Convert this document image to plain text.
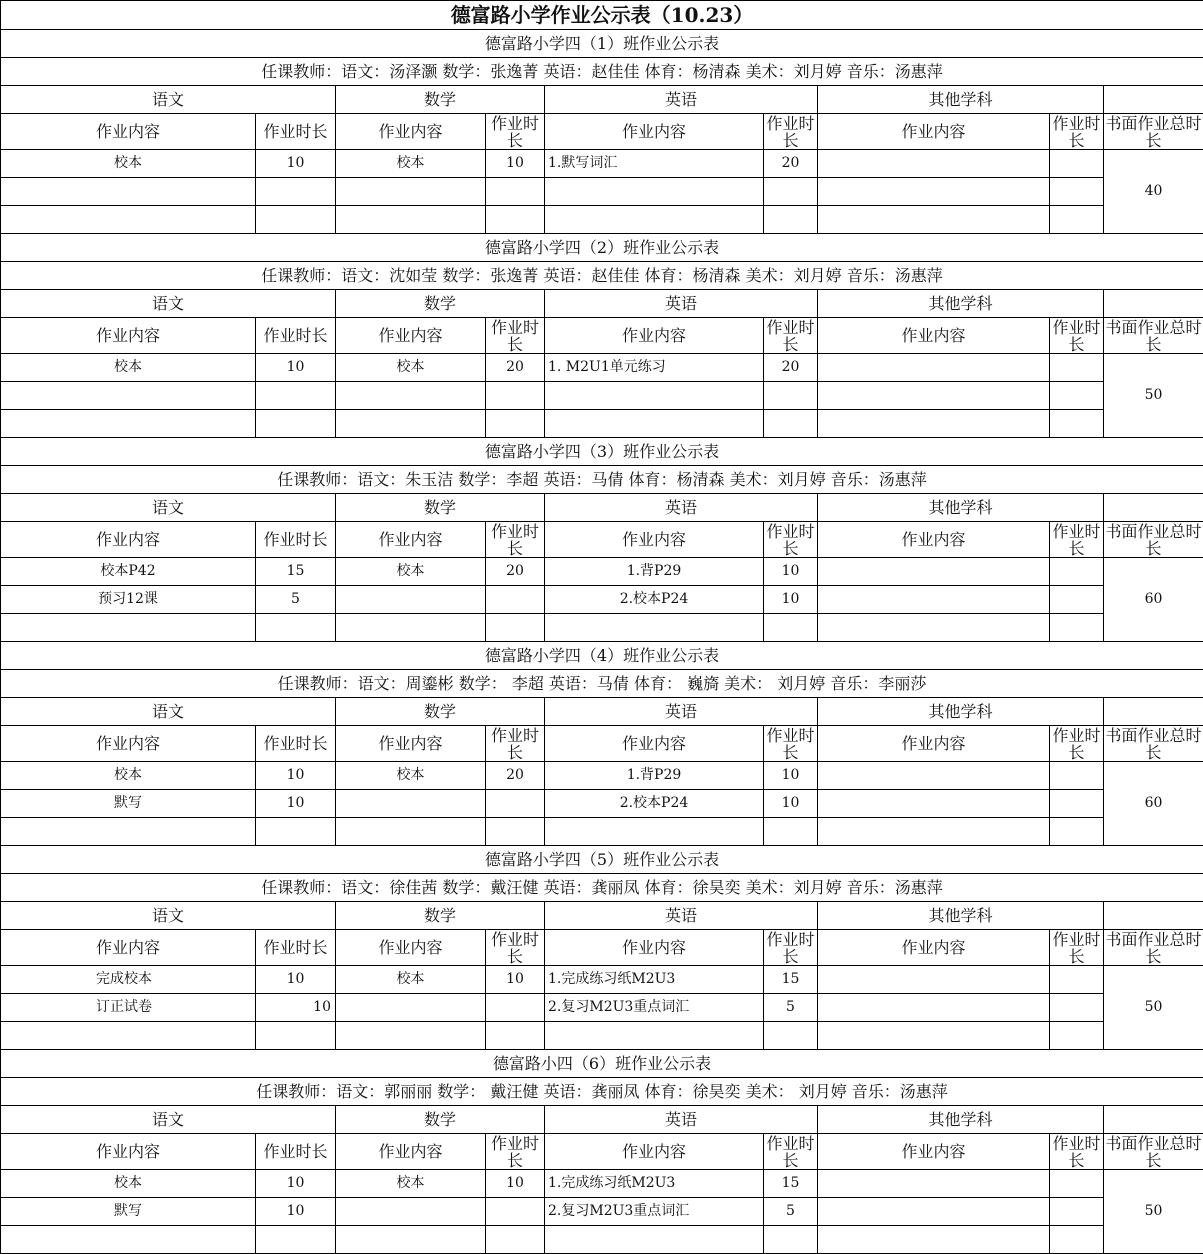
德富路小学作业公示表（10.23）								
德富路小学四（1）班作业公示表								
任课教师：语文：汤泽灏 数学：张逸菁 英语：赵佳佳 体育：杨清森 美术：刘月婷 音乐：汤惠萍								
语文		数学		英语		其他学科		
作业内容	作业时长	作业内容	作业时长	作业内容	作业时长	作业内容	作业时长	书面作业总时长
校本	10	校本	10	1.默写词汇	20			40

德富路小学四（2）班作业公示表								
任课教师：语文：沈如莹 数学：张逸菁 英语：赵佳佳 体育：杨清森 美术：刘月婷 音乐：汤惠萍								
语文		数学		英语		其他学科		
作业内容	作业时长	作业内容	作业时长	作业内容	作业时长	作业内容	作业时长	书面作业总时长
校本	10	校本	20	1. M2U1单元练习	20			50

德富路小学四（3）班作业公示表								
任课教师：语文：朱玉洁 数学：李超 英语：马倩 体育：杨清森 美术：刘月婷 音乐：汤惠萍								
语文		数学		英语		其他学科		
作业内容	作业时长	作业内容	作业时长	作业内容	作业时长	作业内容	作业时长	书面作业总时长
校本P42	15	校本	20	1.背P29	10			60
预习12课	5			2.校本P24	10			

德富路小学四（4）班作业公示表								
任课教师：语文：周鎏彬 数学： 李超 英语：马倩 体育： 巍旖 美术： 刘月婷 音乐：李丽莎								
语文		数学		英语		其他学科		
作业内容	作业时长	作业内容	作业时长	作业内容	作业时长	作业内容	作业时长	书面作业总时长
校本	10	校本	20	1.背P29	10			60
默写	10			2.校本P24	10			

德富路小学四（5）班作业公示表								
任课教师：语文：徐佳茜 数学：戴汪健 英语：龚丽凤 体育：徐昊奕 美术：刘月婷 音乐：汤惠萍								
语文		数学		英语		其他学科		
作业内容	作业时长	作业内容	作业时长	作业内容	作业时长	作业内容	作业时长	书面作业总时长
完成校本	10	校本	10	1.完成练习纸M2U3	15			50
订正试卷	10			2.复习M2U3重点词汇	5			

德富路小四（6）班作业公示表								
任课教师：语文：郭丽丽 数学： 戴汪健 英语：龚丽凤 体育：徐昊奕 美术： 刘月婷 音乐：汤惠萍								
语文		数学		英语		其他学科		
作业内容	作业时长	作业内容	作业时长	作业内容	作业时长	作业内容	作业时长	书面作业总时长
校本	10	校本	10	1.完成练习纸M2U3	15			50
默写	10			2.复习M2U3重点词汇	5			
